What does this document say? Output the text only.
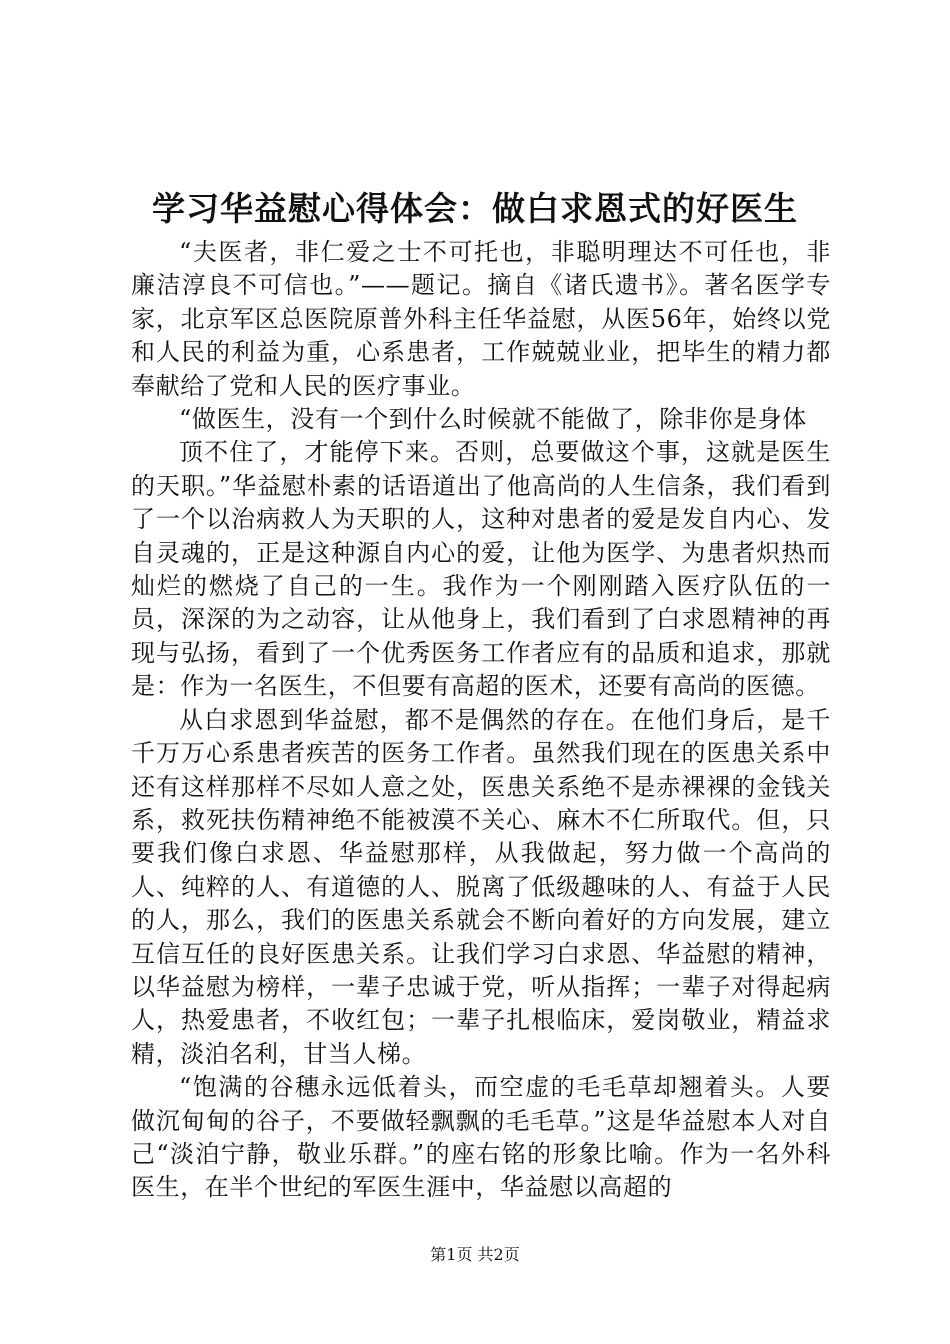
学习华益慰心得体会：做白求恩式的好医生

“夫医者，非仁爱之士不可托也，非聪明理达不可任也，非廉洁淳良不可信也。”——题记。摘自《诸氏遗书》。著名医学专家，北京军区总医院原普外科主任华益慰，从医56年，始终以党和人民的利益为重，心系患者，工作兢兢业业，把毕生的精力都奉献给了党和人民的医疗事业。

“做医生，没有一个到什么时候就不能做了，除非你是身体

顶不住了，才能停下来。否则，总要做这个事，这就是医生的天职。”华益慰朴素的话语道出了他高尚的人生信条，我们看到了一个以治病救人为天职的人，这种对患者的爱是发自内心、发自灵魂的，正是这种源自内心的爱，让他为医学、为患者炽热而灿烂的燃烧了自己的一生。我作为一个刚刚踏入医疗队伍的一员，深深的为之动容，让从他身上，我们看到了白求恩精神的再现与弘扬，看到了一个优秀医务工作者应有的品质和追求，那就是：作为一名医生，不但要有高超的医术，还要有高尚的医德。

从白求恩到华益慰，都不是偶然的存在。在他们身后，是千千万万心系患者疾苦的医务工作者。虽然我们现在的医患关系中还有这样那样不尽如人意之处，医患关系绝不是赤裸裸的金钱关系，救死扶伤精神绝不能被漠不关心、麻木不仁所取代。但，只要我们像白求恩、华益慰那样，从我做起，努力做一个高尚的人、纯粹的人、有道德的人、脱离了低级趣味的人、有益于人民的人，那么，我们的医患关系就会不断向着好的方向发展，建立互信互任的良好医患关系。让我们学习白求恩、华益慰的精神，以华益慰为榜样，一辈子忠诚于党，听从指挥；一辈子对得起病人，热爱患者，不收红包；一辈子扎根临床，爱岗敬业，精益求精，淡泊名利，甘当人梯。

“饱满的谷穗永远低着头，而空虚的毛毛草却翘着头。人要做沉甸甸的谷子，不要做轻飘飘的毛毛草。”这是华益慰本人对自己“淡泊宁静，敬业乐群。”的座右铭的形象比喻。作为一名外科医生，在半个世纪的军医生涯中，华益慰以高超的

第1页 共2页
